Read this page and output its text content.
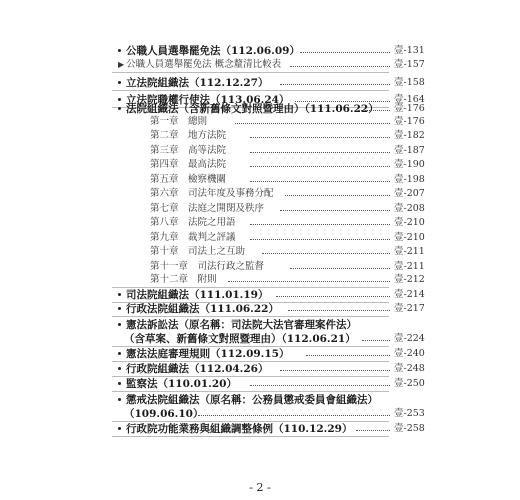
公職人員選舉罷免法（112.06.09）	壹-131
▶ 公職人員選舉罷免法 概念釐清比較表	壹-157
立法院組織法（112.12.27）	壹-158
立法院職權行使法（113.06.24）	壹-164
法院組織法（含新舊條文對照暨理由）（111.06.22） 壹-176
第一章　總則	壹-176
第二章　地方法院	壹-182
第三章　高等法院	壹-187
第四章　最高法院	壹-190
第五章　檢察機關	壹-198
第六章　司法年度及事務分配	壹-207
第七章　法庭之開閉及秩序	壹-208
第八章　法院之用語	壹-210
第九章　裁判之評議	壹-210
第十章　司法上之互助	壹-211
第十一章　司法行政之監督	壹-211
第十二章　附則	壹-212
司法院組織法（111.01.19）	壹-214
行政法院組織法（111.06.22）	壹-217
憲法訴訟法（原名稱：司法院大法官審理案件法）
（含草案、新舊條文對照暨理由）（112.06.21）	壹-224
憲法法庭審理規則（112.09.15）	壹-240
行政院組織法（112.04.26）	壹-248
監察法（110.01.20）	壹-250
懲戒法院組織法（原名稱：公務員懲戒委員會組織法）
（109.06.10）	壹-253
行政院功能業務與組織調整條例（110.12.29）	壹-258
- 2 -
